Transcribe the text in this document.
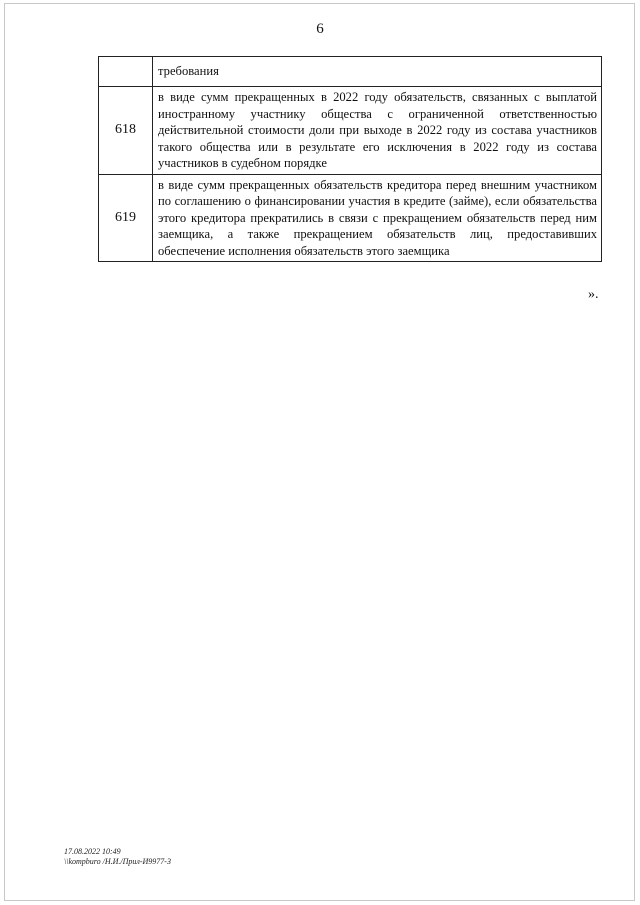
6
	требования
618	в виде сумм прекращенных в 2022 году обязательств, связанных с выплатой иностранному участнику общества с ограниченной ответственностью действительной стоимости доли при выходе в 2022 году из состава участников такого общества или в результате его исключения в 2022 году из состава участников в судебном порядке
619	в виде сумм прекращенных обязательств кредитора перед внешним участником по соглашению о финансировании участия в кредите (займе), если обязательства этого кредитора прекратились в связи с прекращением обязательств перед ним заемщика, а также прекращением обязательств лиц, предоставивших обеспечение исполнения обязательств этого заемщика
».
17.08.2022 10:49
\\kompburo /Н.И./Прил-И9977-3
